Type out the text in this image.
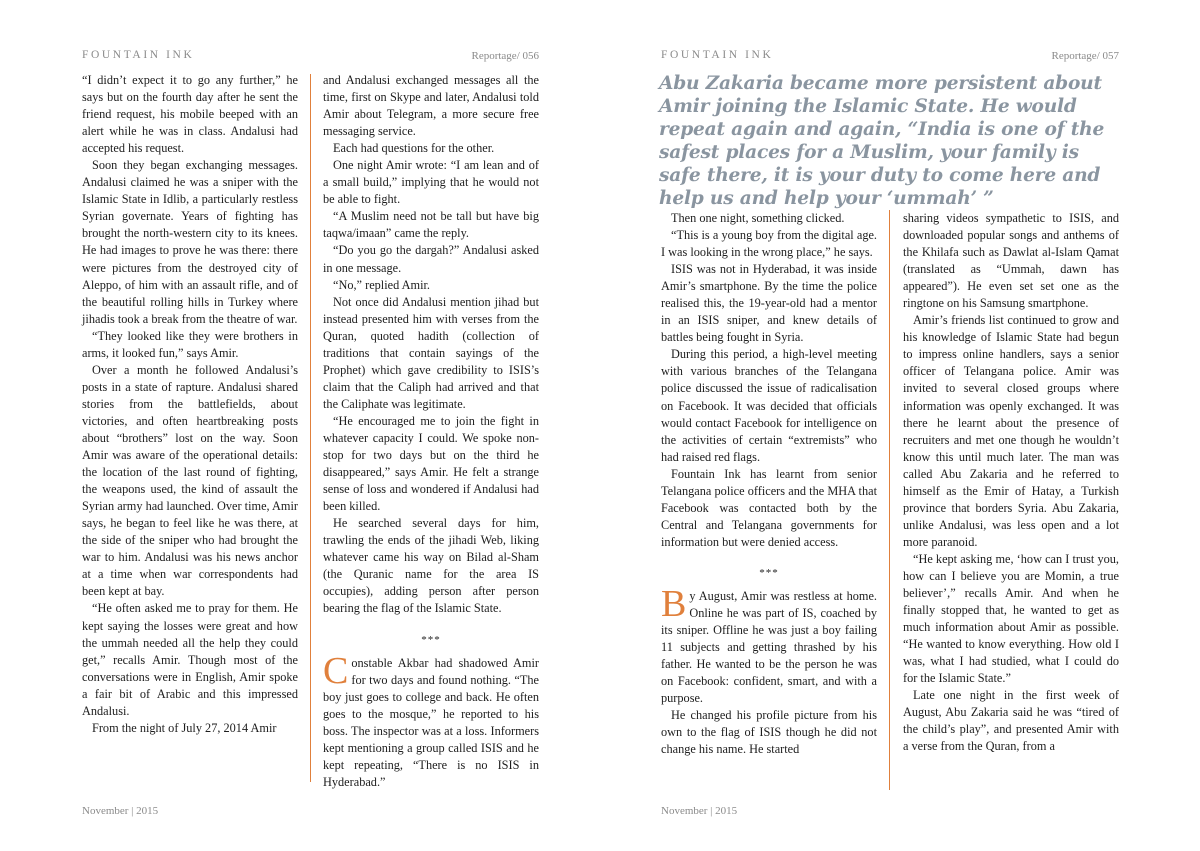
FOUNTAIN INK	Reportage/ 056

“I didn’t expect it to go any further,” he says but on the fourth day after he sent the friend request, his mobile beeped with an alert while he was in class. Andalusi had accepted his request.

Soon they began exchanging messages. Andalusi claimed he was a sniper with the Islamic State in Idlib, a particularly restless Syrian governate. Years of fighting has brought the north-western city to its knees. He had images to prove he was there: there were pictures from the destroyed city of Aleppo, of him with an assault rifle, and of the beautiful rolling hills in Turkey where jihadis took a break from the theatre of war.

“They looked like they were brothers in arms, it looked fun,” says Amir.

Over a month he followed Andalusi’s posts in a state of rapture. Andalusi shared stories from the battlefields, about victories, and often heartbreaking posts about “brothers” lost on the way. Soon Amir was aware of the operational details: the location of the last round of fighting, the weapons used, the kind of assault the Syrian army had launched. Over time, Amir says, he began to feel like he was there, at the side of the sniper who had brought the war to him. Andalusi was his news anchor at a time when war correspondents had been kept at bay.

“He often asked me to pray for them. He kept saying the losses were great and how the ummah needed all the help they could get,” recalls Amir. Though most of the conversations were in English, Amir spoke a fair bit of Arabic and this impressed Andalusi.

From the night of July 27, 2014 Amir

and Andalusi exchanged messages all the time, first on Skype and later, Andalusi told Amir about Telegram, a more secure free messaging service.

Each had questions for the other.

One night Amir wrote: “I am lean and of a small build,” implying that he would not be able to fight.

“A Muslim need not be tall but have big taqwa/imaan” came the reply.

“Do you go the dargah?” Andalusi asked in one message.

“No,” replied Amir.

Not once did Andalusi mention jihad but instead presented him with verses from the Quran, quoted hadith (collection of traditions that contain sayings of the Prophet) which gave credibility to ISIS’s claim that the Caliph had arrived and that the Caliphate was legitimate.

“He encouraged me to join the fight in whatever capacity I could. We spoke non-stop for two days but on the third he disappeared,” says Amir. He felt a strange sense of loss and wondered if Andalusi had been killed.

He searched several days for him, trawling the ends of the jihadi Web, liking whatever came his way on Bilad al-Sham (the Quranic name for the area IS occupies), adding person after person bearing the flag of the Islamic State.

***

Constable Akbar had shadowed Amir for two days and found nothing. “The boy just goes to college and back. He often goes to the mosque,” he reported to his boss. The inspector was at a loss. Informers kept mentioning a group called ISIS and he kept repeating, “There is no ISIS in Hyderabad.”

November | 2015
FOUNTAIN INK	Reportage/ 057
Abu Zakaria became more persistent about Amir joining the Islamic State. He would repeat again and again, “India is one of the safest places for a Muslim, your family is safe there, it is your duty to come here and help us and help your ‘ummah’ ”

Then one night, something clicked.

“This is a young boy from the digital age. I was looking in the wrong place,” he says.

ISIS was not in Hyderabad, it was inside Amir’s smartphone. By the time the police realised this, the 19-year-old had a mentor in an ISIS sniper, and knew details of battles being fought in Syria.

During this period, a high-level meeting with various branches of the Telangana police discussed the issue of radicalisation on Facebook. It was decided that officials would contact Facebook for intelligence on the activities of certain “extremists” who had raised red flags.

Fountain Ink has learnt from senior Telangana police officers and the MHA that Facebook was contacted both by the Central and Telangana governments for information but were denied access.

***

By August, Amir was restless at home. Online he was part of IS, coached by its sniper. Offline he was just a boy failing 11 subjects and getting thrashed by his father. He wanted to be the person he was on Facebook: confident, smart, and with a purpose.

He changed his profile picture from his own to the flag of ISIS though he did not change his name. He started

sharing videos sympathetic to ISIS, and downloaded popular songs and anthems of the Khilafa such as Dawlat al-Islam Qamat (translated as “Ummah, dawn has appeared”). He even set set one as the ringtone on his Samsung smartphone.

Amir’s friends list continued to grow and his knowledge of Islamic State had begun to impress online handlers, says a senior officer of Telangana police. Amir was invited to several closed groups where information was openly exchanged. It was there he learnt about the presence of recruiters and met one though he wouldn’t know this until much later. The man was called Abu Zakaria and he referred to himself as the Emir of Hatay, a Turkish province that borders Syria. Abu Zakaria, unlike Andalusi, was less open and a lot more paranoid.

“He kept asking me, ‘how can I trust you, how can I believe you are Momin, a true believer’,” recalls Amir. And when he finally stopped that, he wanted to get as much information about Amir as possible. “He wanted to know everything. How old I was, what I had studied, what I could do for the Islamic State.”

Late one night in the first week of August, Abu Zakaria said he was “tired of the child’s play”, and presented Amir with a verse from the Quran, from a

November | 2015
